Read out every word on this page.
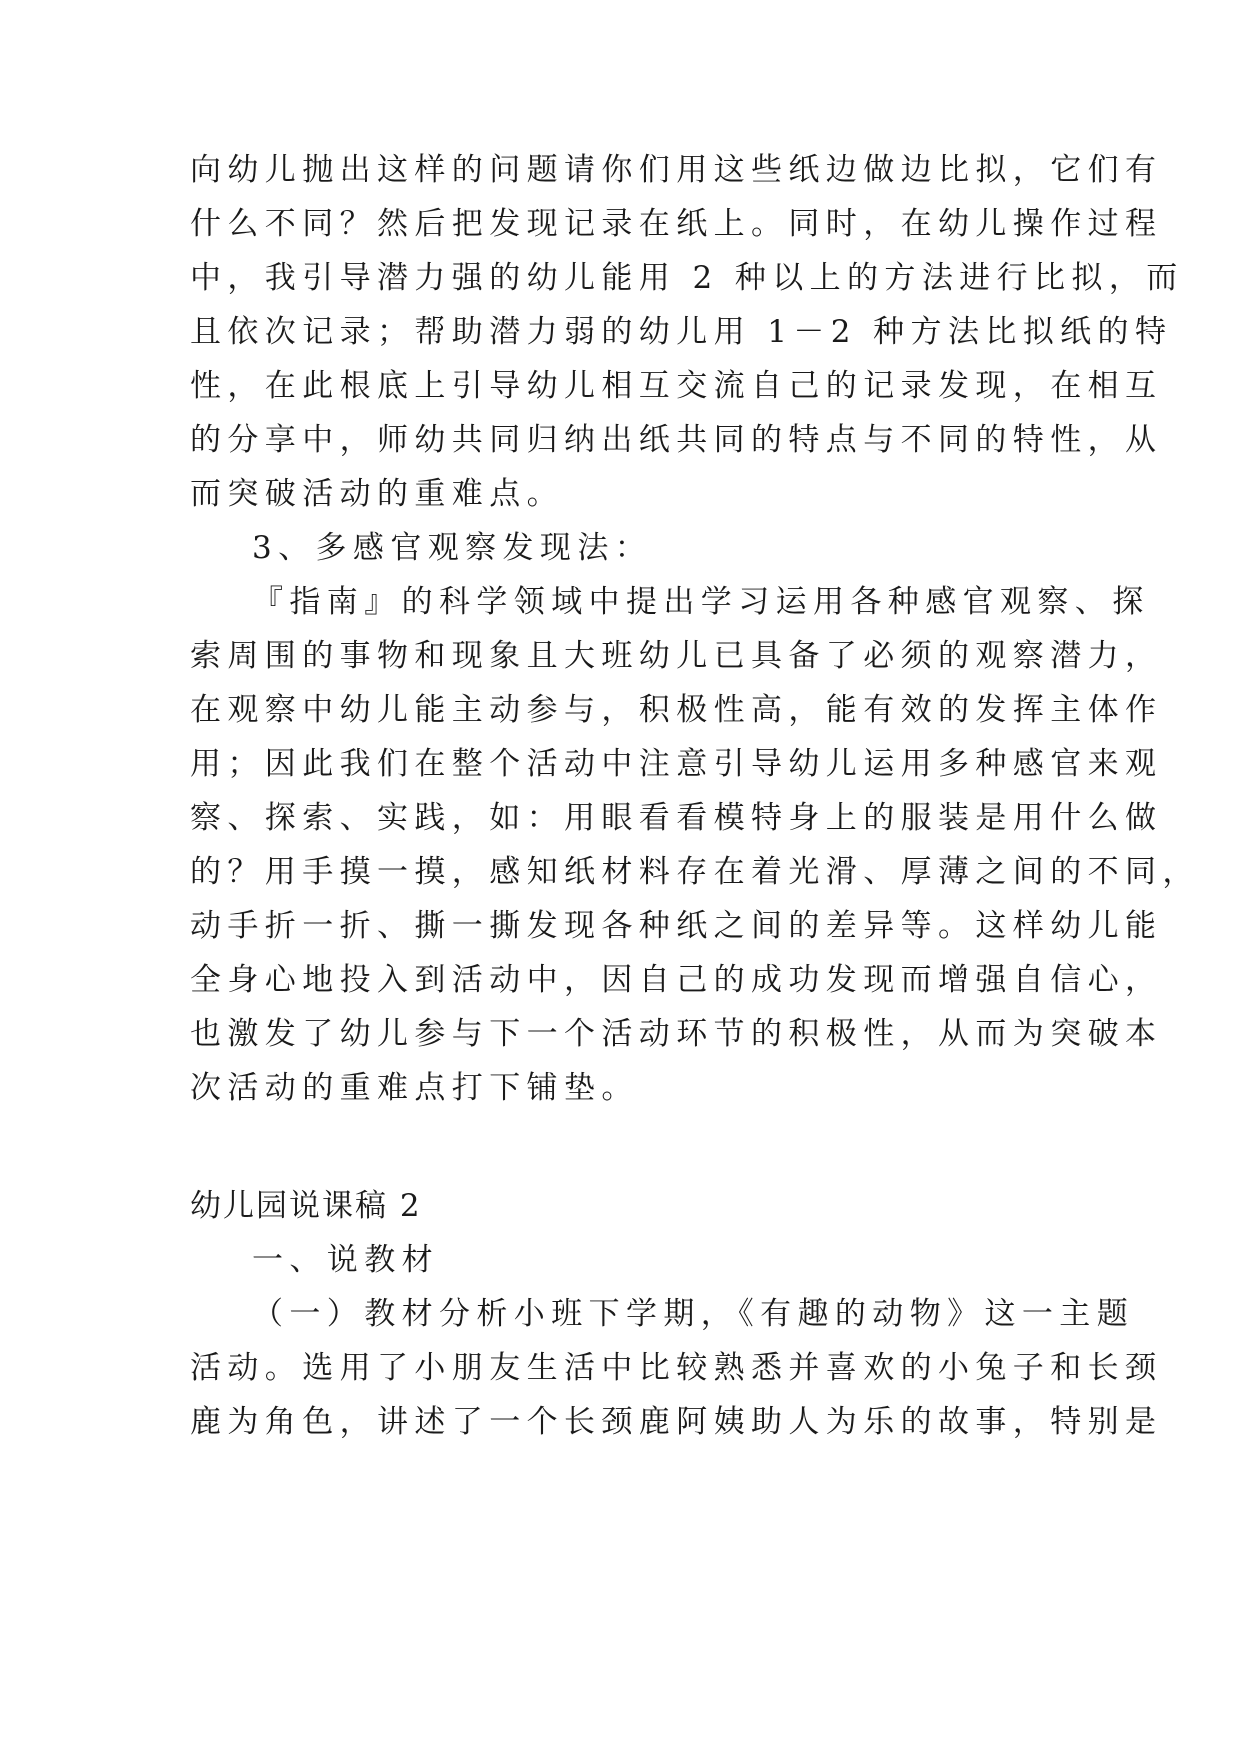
向幼儿抛出这样的问题请你们用这些纸边做边比拟，它们有
什么不同？然后把发现记录在纸上。同时，在幼儿操作过程
中，我引导潜力强的幼儿能用 2 种以上的方法进行比拟，而
且依次记录；帮助潜力弱的幼儿用 1－2 种方法比拟纸的特
性，在此根底上引导幼儿相互交流自己的记录发现，在相互
的分享中，师幼共同归纳出纸共同的特点与不同的特性，从
而突破活动的重难点。
3、多感官观察发现法：
『指南』的科学领域中提出学习运用各种感官观察、探
索周围的事物和现象且大班幼儿已具备了必须的观察潜力，
在观察中幼儿能主动参与，积极性高，能有效的发挥主体作
用；因此我们在整个活动中注意引导幼儿运用多种感官来观
察、探索、实践，如：用眼看看模特身上的服装是用什么做
的？用手摸一摸，感知纸材料存在着光滑、厚薄之间的不同，
动手折一折、撕一撕发现各种纸之间的差异等。这样幼儿能
全身心地投入到活动中，因自己的成功发现而增强自信心，
也激发了幼儿参与下一个活动环节的积极性，从而为突破本
次活动的重难点打下铺垫。
幼儿园说课稿 2
一、说教材
（一）教材分析小班下学期，《有趣的动物》这一主题
活动。选用了小朋友生活中比较熟悉并喜欢的小兔子和长颈
鹿为角色，讲述了一个长颈鹿阿姨助人为乐的故事，特别是
